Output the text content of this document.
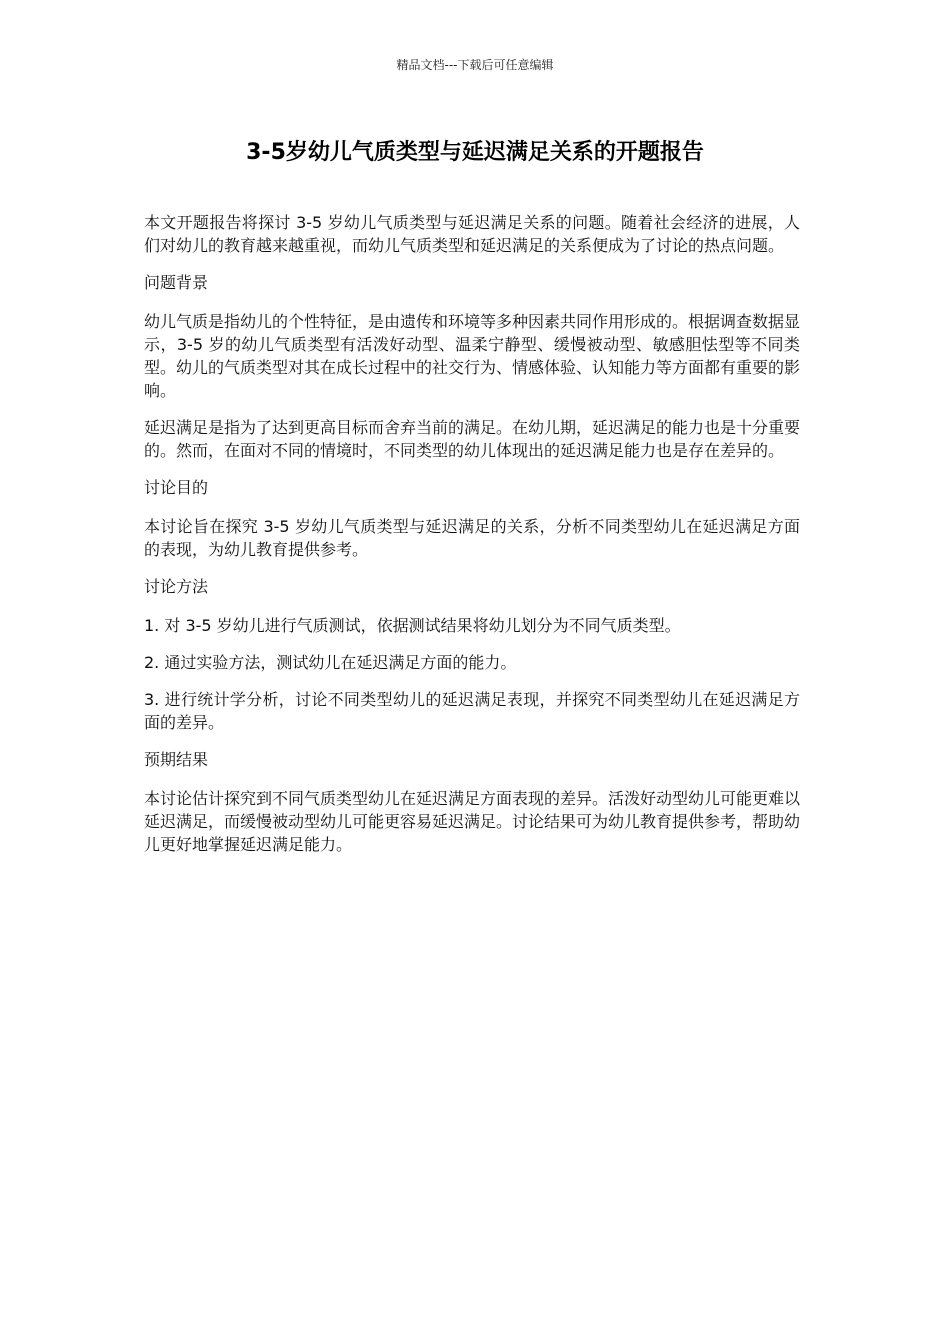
精品文档---下载后可任意编辑
3-5岁幼儿气质类型与延迟满足关系的开题报告

本文开题报告将探讨 3-5 岁幼儿气质类型与延迟满足关系的问题。随着社会经济的进展，人们对幼儿的教育越来越重视，而幼儿气质类型和延迟满足的关系便成为了讨论的热点问题。

问题背景

幼儿气质是指幼儿的个性特征，是由遗传和环境等多种因素共同作用形成的。根据调查数据显示，3-5 岁的幼儿气质类型有活泼好动型、温柔宁静型、缓慢被动型、敏感胆怯型等不同类型。幼儿的气质类型对其在成长过程中的社交行为、情感体验、认知能力等方面都有重要的影响。

延迟满足是指为了达到更高目标而舍弃当前的满足。在幼儿期，延迟满足的能力也是十分重要的。然而，在面对不同的情境时，不同类型的幼儿体现出的延迟满足能力也是存在差异的。

讨论目的

本讨论旨在探究 3-5 岁幼儿气质类型与延迟满足的关系，分析不同类型幼儿在延迟满足方面的表现，为幼儿教育提供参考。

讨论方法

1. 对 3-5 岁幼儿进行气质测试，依据测试结果将幼儿划分为不同气质类型。

2. 通过实验方法，测试幼儿在延迟满足方面的能力。

3. 进行统计学分析，讨论不同类型幼儿的延迟满足表现，并探究不同类型幼儿在延迟满足方面的差异。

预期结果

本讨论估计探究到不同气质类型幼儿在延迟满足方面表现的差异。活泼好动型幼儿可能更难以延迟满足，而缓慢被动型幼儿可能更容易延迟满足。讨论结果可为幼儿教育提供参考，帮助幼儿更好地掌握延迟满足能力。
